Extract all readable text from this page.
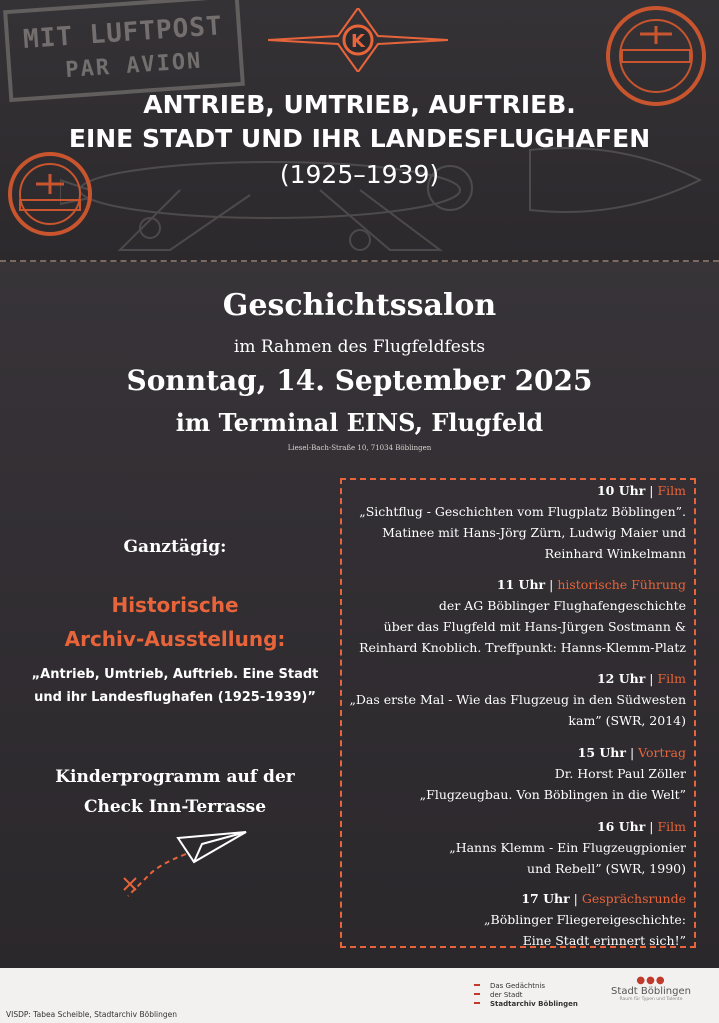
MIT LUFTPOST
PAR AVION
K
ANTRIEB, UMTRIEB, AUFTRIEB.
EINE STADT UND IHR LANDESFLUGHAFEN
(1925–1939)
Geschichtssalon
im Rahmen des Flugfeldfests
Sonntag, 14. September 2025
im Terminal EINS, Flugfeld
Liesel-Bach-Straße 10, 71034 Böblingen
Ganztägig:
Historische
Archiv-Ausstellung:
„Antrieb, Umtrieb, Auftrieb. Eine Stadt
und ihr Landesflughafen (1925-1939)”
Kinderprogramm auf der
Check Inn-Terrasse
10 Uhr | Film
„Sichtflug - Geschichten vom Flugplatz Böblingen”.
Matinee mit Hans-Jörg Zürn, Ludwig Maier und
Reinhard Winkelmann
11 Uhr | historische Führung
der AG Böblinger Flughafengeschichte
über das Flugfeld mit Hans-Jürgen Sostmann &
Reinhard Knoblich. Treffpunkt: Hanns-Klemm-Platz
12 Uhr | Film
„Das erste Mal - Wie das Flugzeug in den Südwesten
kam” (SWR, 2014)
15 Uhr | Vortrag
Dr. Horst Paul Zöller
„Flugzeugbau. Von Böblingen in die Welt”
16 Uhr | Film
„Hanns Klemm - Ein Flugzeugpionier
und Rebell” (SWR, 1990)
17 Uhr | Gesprächsrunde
„Böblinger Fliegereigeschichte:
Eine Stadt erinnert sich!”
VISDP: Tabea Scheible, Stadtarchiv Böblingen
Das Gedächtnis
der Stadt
Stadtarchiv Böblingen
●●●
Stadt Böblingen
Raum für Typen und Talente
